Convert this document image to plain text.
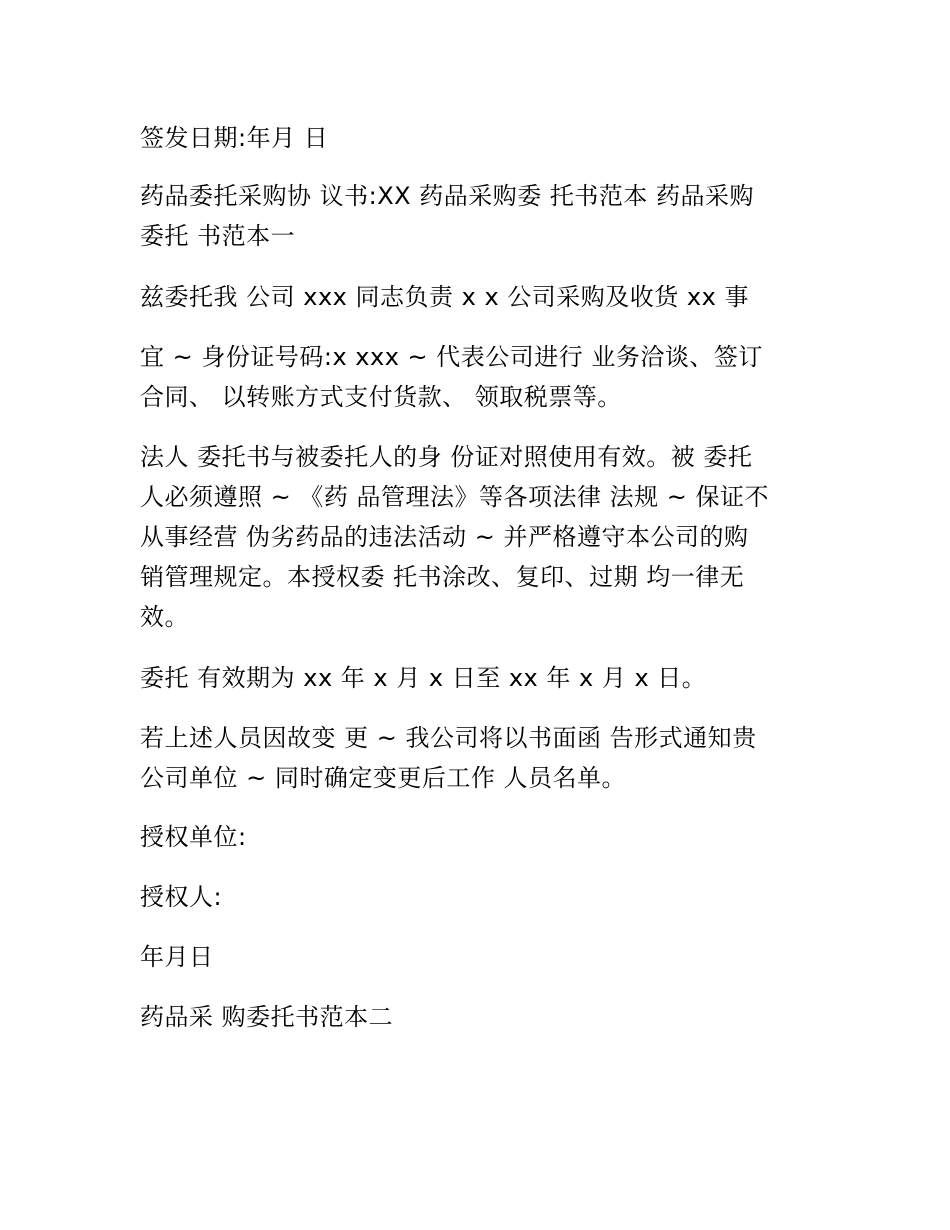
签发日期:年月 日
药品委托采购协 议书:XX 药品采购委 托书范本 药品采购
委托 书范本一
兹委托我 公司 xxx 同志负责 x x 公司采购及收货 xx 事
宜 ~ 身份证号码:x xxx ~ 代表公司进行 业务洽谈、签订
合同、 以转账方式支付货款、 领取税票等。
法人 委托书与被委托人的身 份证对照使用有效。被 委托
人必须遵照 ~ 《药 品管理法》等各项法律 法规 ~ 保证不
从事经营 伪劣药品的违法活动 ~ 并严格遵守本公司的购
销管理规定。本授权委 托书涂改、复印、过期 均一律无
效。
委托 有效期为 xx 年 x 月 x 日至 xx 年 x 月 x 日。
若上述人员因故变 更 ~ 我公司将以书面函 告形式通知贵
公司单位 ~ 同时确定变更后工作 人员名单。
授权单位:
授权人:
年月日
药品采 购委托书范本二
